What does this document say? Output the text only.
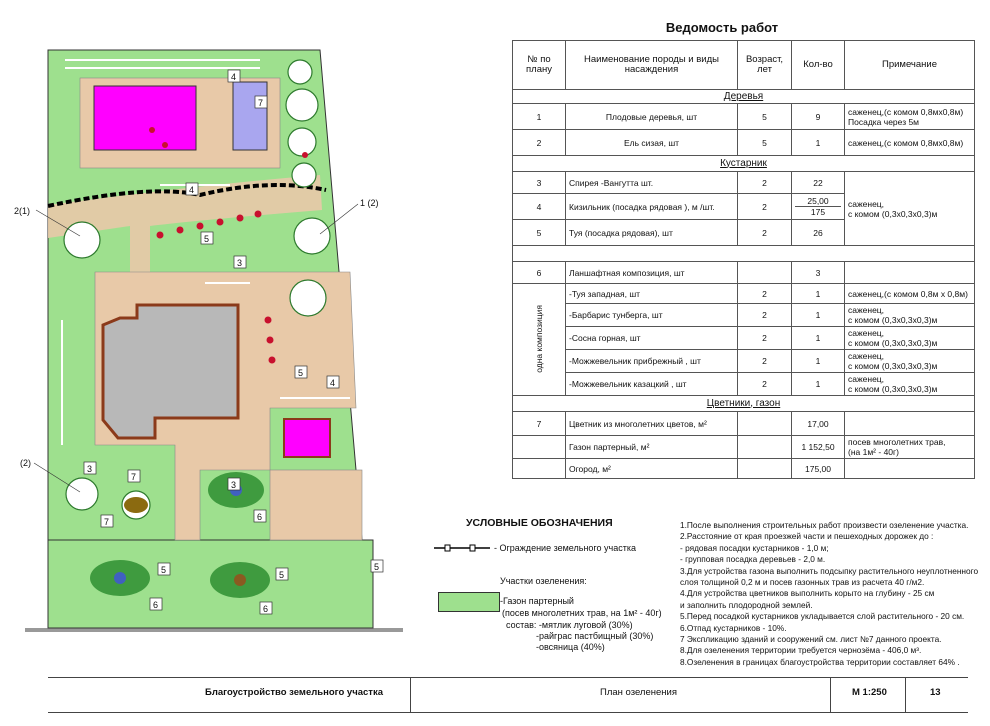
4
7
4
5
3
5
4
3
7
7
3
6
5
6
5
6
5
2(1)
1 (2)
(2)
Ведомость работ
№ по плану	Наименование породы и виды насаждения	Возраст, лет	Кол-во	Примечание
Деревья				
1	Плодовые деревья, шт	5	9	саженец,(с комом 0,8мх0,8м)
Посадка через 5м

2	Ель сизая, шт	5	1	саженец,(с комом 0,8мх0,8м)
Кустарник				
3	Спирея -Вангутта шт.	2	22	саженец,
с комом (0,3х0,3х0,3)м

4	Кизильник (посадка рядовая ), м /шт.	2	25,00
175	

5	Туя (посадка рядовая), шт	2	26	

6	Ланшафтная композиция, шт		3	
одна композиция	-Туя западная, шт	2	1	саженец,(с комом 0,8м х 0,8м)
	-Барбарис тунберга, шт	2	1	саженец,
с комом (0,3х0,3х0,3)м

	-Сосна горная, шт	2	1	саженец,
с комом (0,3х0,3х0,3)м

	-Можжевельник прибрежный , шт	2	1	саженец,
с комом (0,3х0,3х0,3)м

	-Можжевельник казацкий , шт	2	1	саженец,
с комом (0,3х0,3х0,3)м

Цветники, газон				
7	Цветник из многолетних цветов, м²		17,00	
	Газон партерный, м²		1 152,50	посев многолетних трав,
(на 1м² - 40г)

	Огород, м²		175,00	
УСЛОВНЫЕ ОБОЗНАЧЕНИЯ
- Ограждение земельного участка
Участки озеленения:
-Газон партерный
(посев многолетних трав, на 1м² - 40г)
состав: -мятлик луговой (30%)
-райграс пастбищный (30%)
-овсяница (40%)
1.После выполнения строительных работ произвести озеленение участка.
2.Расстояние от края проезжей части и пешеходных дорожек до :
- рядовая посадки кустарников - 1,0 м;
- групповая посадка деревьев - 2,0 м.
3.Для устройства газона выполнить подсыпку растительного неуплотненного
слоя толщиной 0,2 м и посев газонных трав из расчета 40 г/м2.
4.Для устройства цветников выполнить корыто на глубину - 25 см
и заполнить плодородной землей.
5.Перед посадкой кустарников укладывается слой растительного - 20 см.
6.Отпад кустарников - 10%.
7 Экспликацию зданий и сооружений см. лист №7 данного проекта.
8.Для озеленения территории требуется чернозёма - 406,0 м³.
8.Озеленения в границах благоустройства территории составляет 64% .
Благоустройство земельного участка	План озеленения	М 1:250	13
